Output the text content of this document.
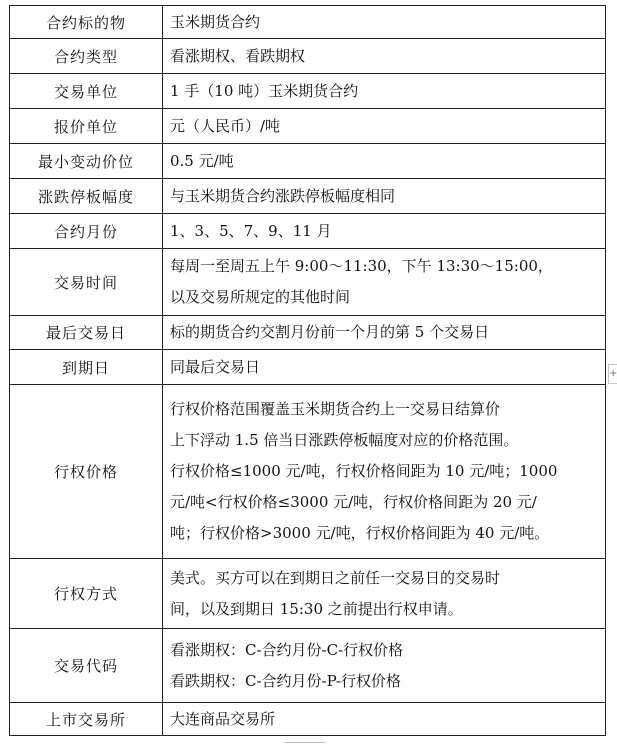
合约标的物	玉米期货合约

合约类型	看涨期权、看跌期权

交易单位	1 手（10 吨）玉米期货合约

报价单位	元（人民币）/吨

最小变动价位	0.5 元/吨

涨跌停板幅度	与玉米期货合约涨跌停板幅度相同

合约月份	1、3、5、7、9、11 月

交易时间	每周一至周五上午 9:00～11:30，下午 13:30～15:00，
以及交易所规定的其他时间

最后交易日	标的期货合约交割月份前一个月的第 5 个交易日

到期日	同最后交易日

行权价格	行权价格范围覆盖玉米期货合约上一交易日结算价
上下浮动 1.5 倍当日涨跌停板幅度对应的价格范围。
行权价格≤1000 元/吨，行权价格间距为 10 元/吨；1000
元/吨<行权价格≤3000 元/吨，行权价格间距为 20 元/
吨；行权价格>3000 元/吨，行权价格间距为 40 元/吨。

行权方式	美式。买方可以在到期日之前任一交易日的交易时
间，以及到期日 15:30 之前提出行权申请。

交易代码	看涨期权：C-合约月份-C-行权价格
看跌期权：C-合约月份-P-行权价格

上市交易所	大连商品交易所
+
